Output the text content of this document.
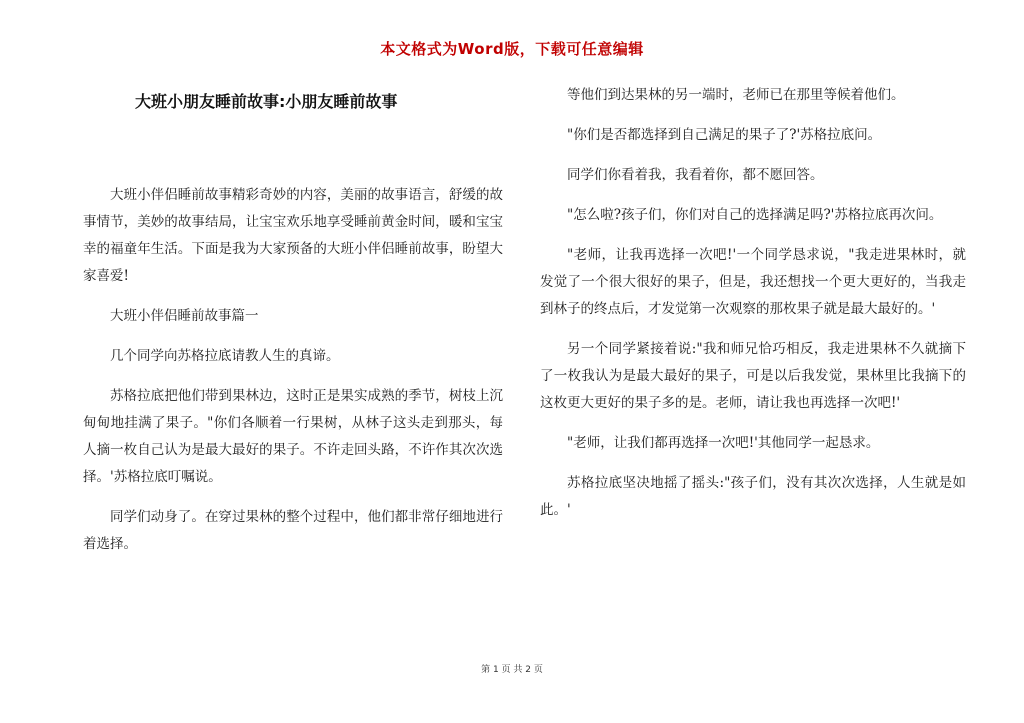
本文格式为Word版，下载可任意编辑
大班小朋友睡前故事:小朋友睡前故事

大班小伴侣睡前故事精彩奇妙的内容，美丽的故事语言，舒缓的故事情节，美妙的故事结局，让宝宝欢乐地享受睡前黄金时间，暖和宝宝幸的福童年生活。下面是我为大家预备的大班小伴侣睡前故事，盼望大家喜爱!

大班小伴侣睡前故事篇一

几个同学向苏格拉底请教人生的真谛。

苏格拉底把他们带到果林边，这时正是果实成熟的季节，树枝上沉甸甸地挂满了果子。"你们各顺着一行果树，从林子这头走到那头，每人摘一枚自己认为是最大最好的果子。不许走回头路，不许作其次次选择。'苏格拉底叮嘱说。

同学们动身了。在穿过果林的整个过程中，他们都非常仔细地进行着选择。

等他们到达果林的另一端时，老师已在那里等候着他们。

"你们是否都选择到自己满足的果子了?'苏格拉底问。

同学们你看着我，我看着你，都不愿回答。

"怎么啦?孩子们，你们对自己的选择满足吗?'苏格拉底再次问。

"老师，让我再选择一次吧!'一个同学恳求说，"我走进果林时，就发觉了一个很大很好的果子，但是，我还想找一个更大更好的，当我走到林子的终点后，才发觉第一次观察的那枚果子就是最大最好的。'

另一个同学紧接着说:"我和师兄恰巧相反，我走进果林不久就摘下了一枚我认为是最大最好的果子，可是以后我发觉，果林里比我摘下的这枚更大更好的果子多的是。老师，请让我也再选择一次吧!'

"老师，让我们都再选择一次吧!'其他同学一起恳求。

苏格拉底坚决地摇了摇头:"孩子们，没有其次次选择，人生就是如此。'

第 1 页 共 2 页
